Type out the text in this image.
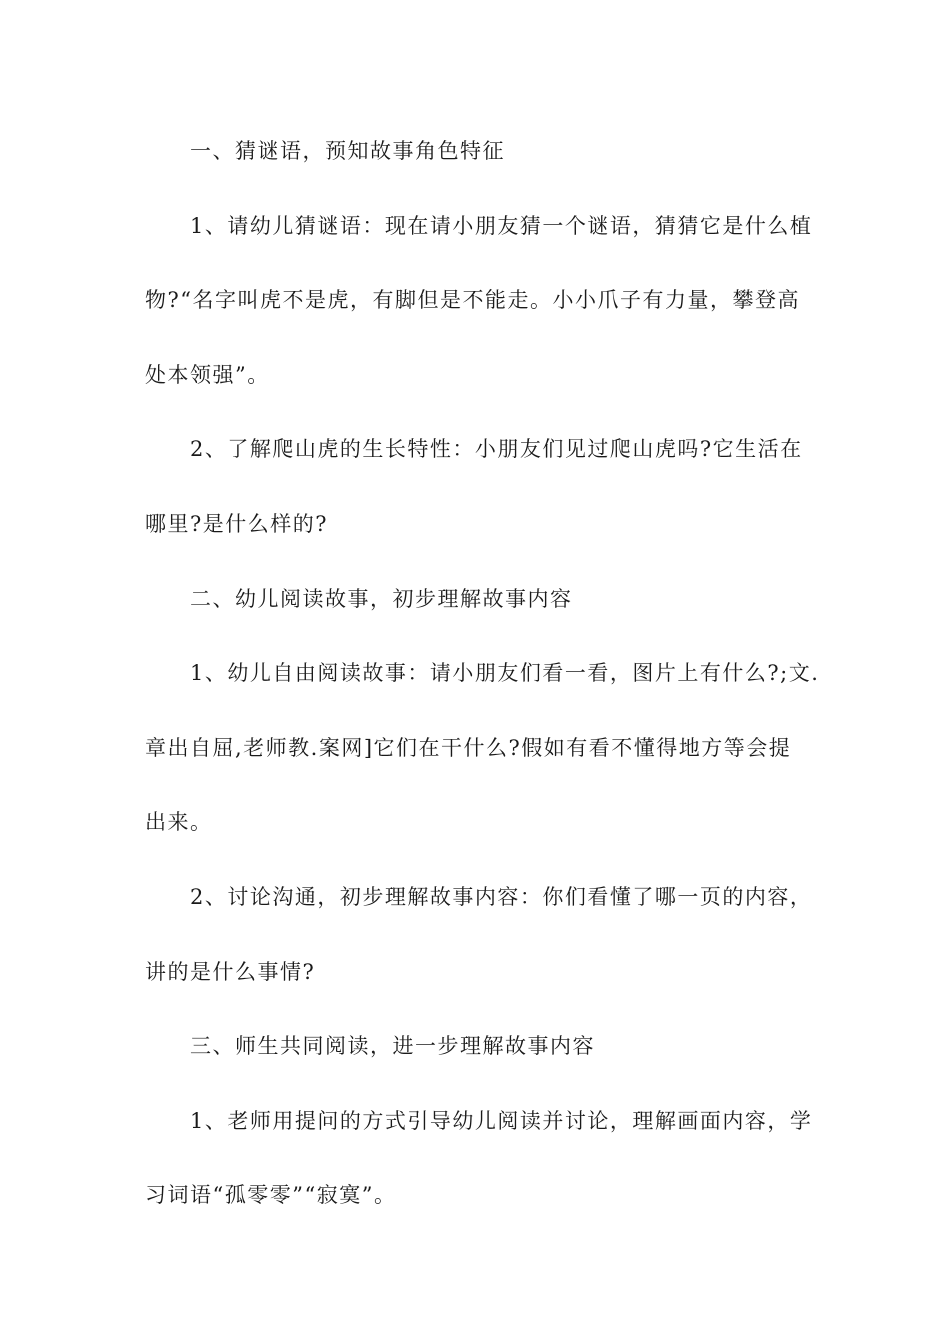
一、猜谜语，预知故事角色特征
1、请幼儿猜谜语：现在请小朋友猜一个谜语，猜猜它是什么植
物?“名字叫虎不是虎，有脚但是不能走。小小爪子有力量，攀登高
处本领强”。
2、了解爬山虎的生长特性：小朋友们见过爬山虎吗?它生活在
哪里?是什么样的?
二、幼儿阅读故事，初步理解故事内容
1、幼儿自由阅读故事：请小朋友们看一看，图片上有什么?;文.
章出自屈,老师教.案网]它们在干什么?假如有看不懂得地方等会提
出来。
2、讨论沟通，初步理解故事内容：你们看懂了哪一页的内容，
讲的是什么事情?
三、师生共同阅读，进一步理解故事内容
1、老师用提问的方式引导幼儿阅读并讨论，理解画面内容，学
习词语“孤零零”“寂寞”。
